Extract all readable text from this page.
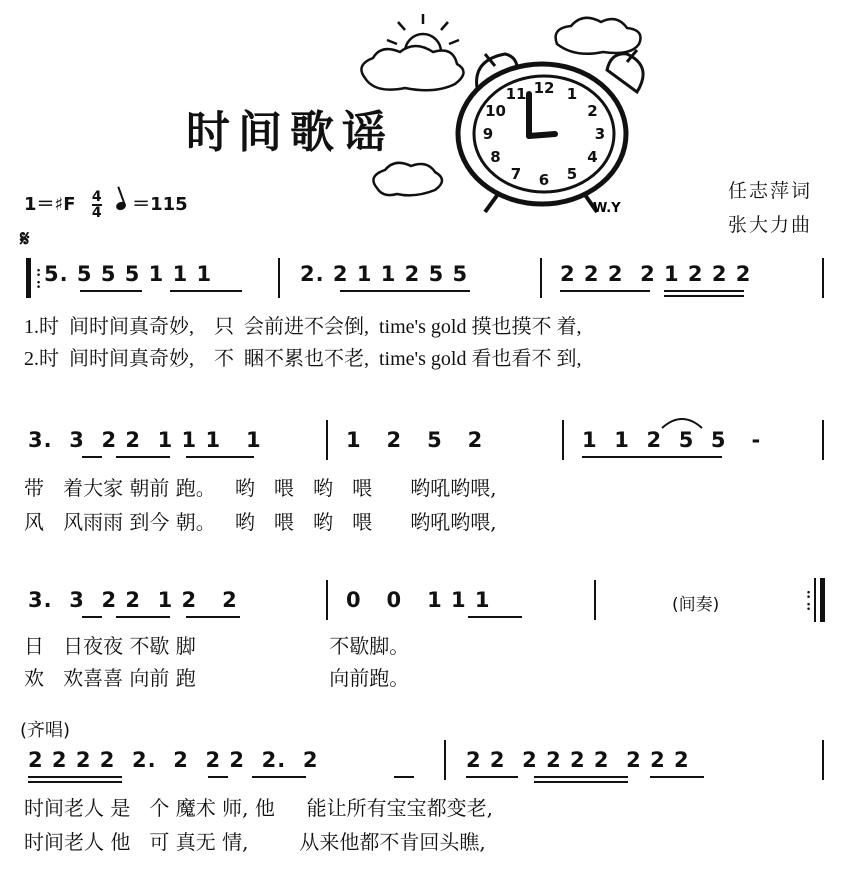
时间歌谣
任志萍词
张大力曲
12 1
2
3
4
5
6
7
8
9
10
11
W.Y
1＝♯F $\frac{4}{4}$
＝115
𝄋
:
: 5. 5 5 5 1 1 1	2. 2 1 1 2 5 5	2 2 2  2 1 2 2 2
1.时  间时间真奇妙,    只  会前进不会倒,  time's gold 摸也摸不 着,
2.时  间时间真奇妙,    不  睏不累也不老,  time's gold 看也看不 到,
3.  3  2 2  1 1 1   1	1   2   5   2	1  1  2  5  5   -
带   着大家 朝前 跑。   哟   喂   哟   喂      哟吼哟喂,
风   风雨雨 到今 朝。   哟   喂   哟   喂      哟吼哟喂,
3.  3  2 2  1 2   2	0   0   1 1 1	(间奏)
:
:
日   日夜夜 不歇 脚                     不歇脚。
欢   欢喜喜 向前 跑                     向前跑。
(齐唱)
2 2 2 2  2.  2  2 2  2.  2	2 2  2 2 2 2  2 2 2
时间老人 是   个 魔术 师, 他     能让所有宝宝都变老,
时间老人 他   可 真无 情,        从来他都不肯回头瞧,
